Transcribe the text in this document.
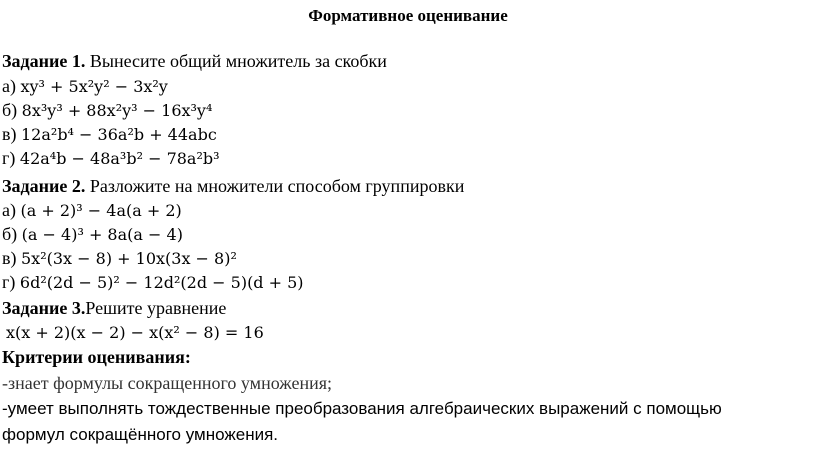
Формативное оценивание
Задание 1. Вынесите общий множитель за скобки
а) xy³ + 5x²y² − 3x²y
б) 8x³y³ + 88x²y³ − 16x³y⁴
в) 12a²b⁴ − 36a²b + 44abc
г) 42a⁴b − 48a³b² − 78a²b³
Задание 2. Разложите на множители способом группировки
а) (a + 2)³ − 4a(a + 2)
б) (a − 4)³ + 8a(a − 4)
в) 5x²(3x − 8) + 10x(3x − 8)²
г) 6d²(2d − 5)² − 12d²(2d − 5)(d + 5)
Задание 3.Решите уравнение
x(x + 2)(x − 2) − x(x² − 8) = 16
Критерии оценивания:
-знает формулы сокращенного умножения;
-умеет выполнять тождественные преобразования алгебраических выражений с помощью
формул сокращённого умножения.
